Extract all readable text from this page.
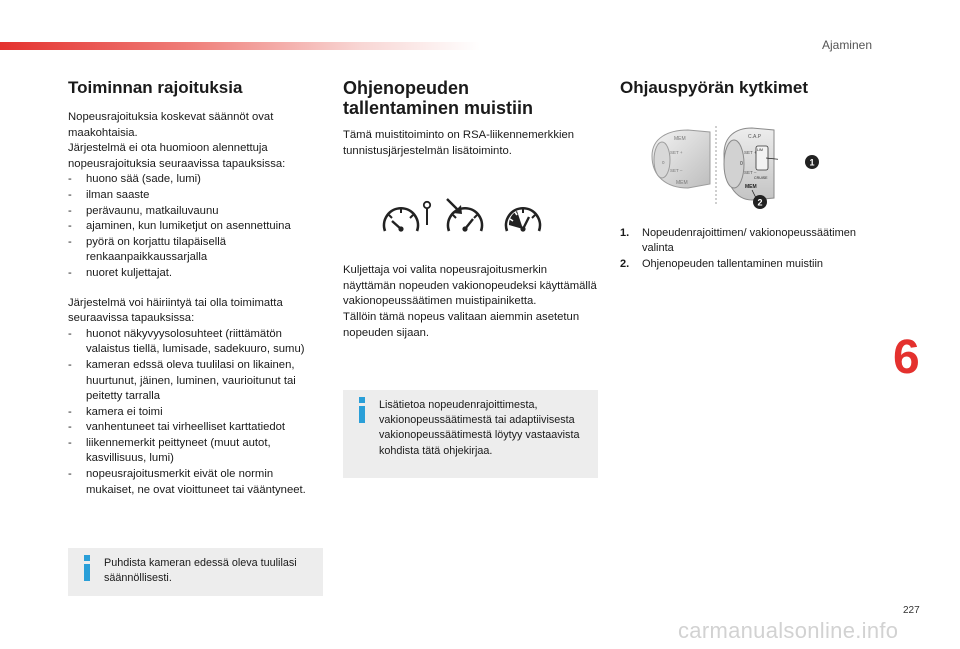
Ajaminen
Toiminnan rajoituksia
Nopeusrajoituksia koskevat säännöt ovat maakohtaisia.
Järjestelmä ei ota huomioon alennettuja nopeusrajoituksia seuraavissa tapauksissa:
- huono sää (sade, lumi)
- ilman saaste
- perävaunu, matkailuvaunu
- ajaminen, kun lumiketjut on asennettuina
- pyörä on korjattu tilapäisellä renkaanpaikkaussarjalla
- nuoret kuljettajat.
Järjestelmä voi häiriintyä tai olla toimimatta seuraavissa tapauksissa:
- huonot näkyvyysolosuhteet (riittämätön valaistus tiellä, lumisade, sadekuuro, sumu)
- kameran edssä oleva tuulilasi on likainen, huurtunut, jäinen, luminen, vaurioitunut tai peitetty tarralla
- kamera ei toimi
- vanhentuneet tai virheelliset karttatiedot
- liikennemerkit peittyneet (muut autot, kasvillisuus, lumi)
- nopeusrajoitusmerkit eivät ole normin mukaiset, ne ovat vioittuneet tai vääntyneet.
Puhdista kameran edessä oleva tuulilasi säännöllisesti.
Ohjenopeuden
tallentaminen muistiin
Tämä muistitoiminto on RSA-liikennemerkkien tunnistusjärjestelmän lisätoiminto.
Kuljettaja voi valita nopeusrajoitusmerkin näyttämän nopeuden vakionopeudeksi käyttämällä vakionopeussäätimen muistipainiketta.
Tällöin tämä nopeus valitaan aiemmin asetetun nopeuden sijaan.
Lisätietoa nopeudenrajoittimesta, vakionopeussäätimestä tai adaptiivisesta vakionopeussäätimestä löytyy vastaavista kohdista tätä ohjekirjaa.
Ohjauspyörän kytkimet
MEM
SET +
0
SET –
MEM
C.A.P
LIM
SET +
0
SET –
CRUISE
MEM
1
2
1.	Nopeudenrajoittimen/ vakionopeussäätimen valinta
2.	Ohjenopeuden tallentaminen muistiin
6
227
carmanualsonline.info
